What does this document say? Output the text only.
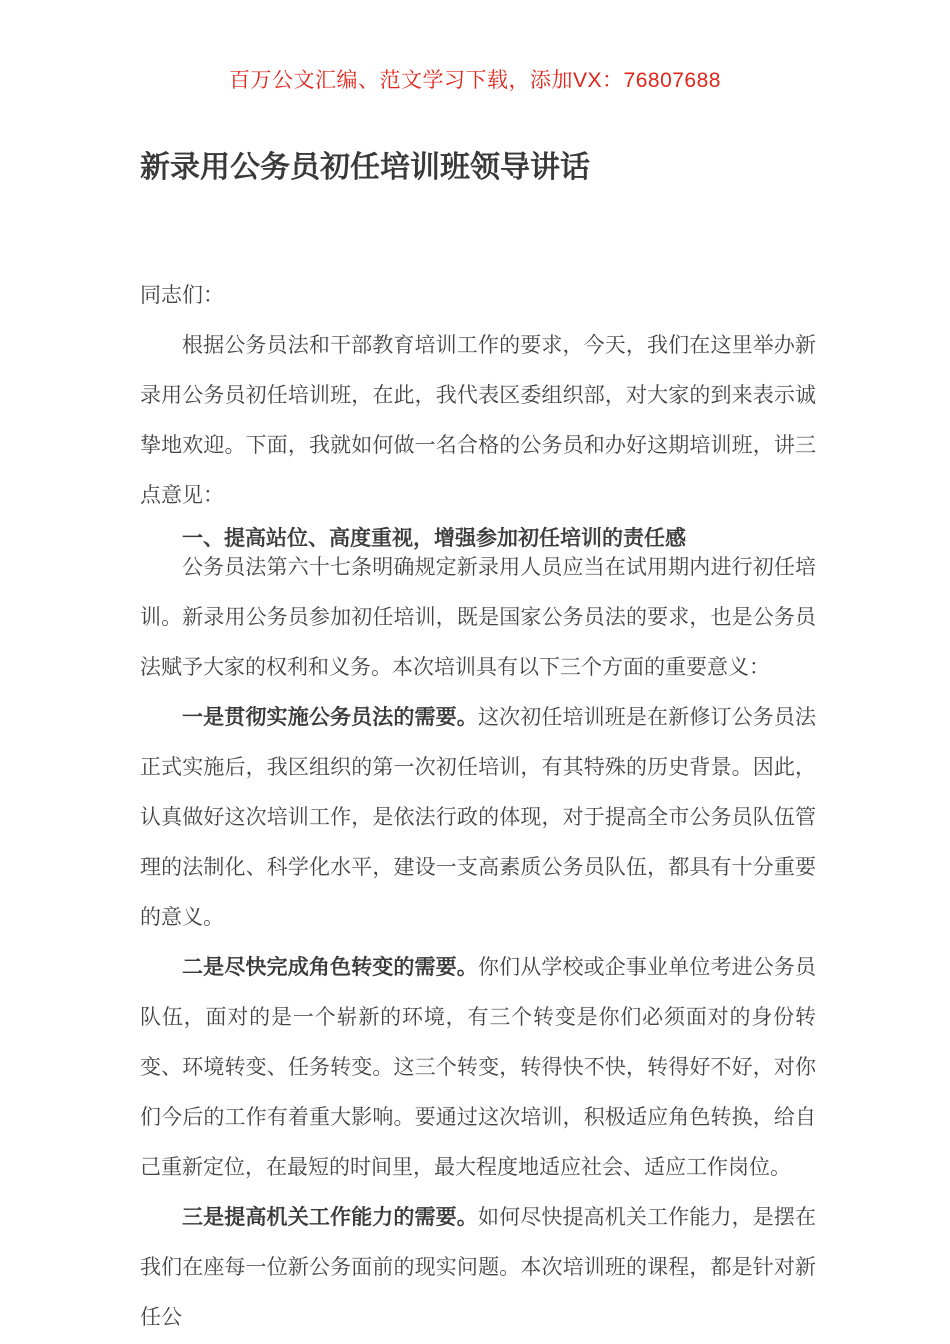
百万公文汇编、范文学习下载，添加VX：76807688
新录用公务员初任培训班领导讲话

同志们：

根据公务员法和干部教育培训工作的要求，今天，我们在这里举办新录用公务员初任培训班，在此，我代表区委组织部，对大家的到来表示诚挚地欢迎。下面，我就如何做一名合格的公务员和办好这期培训班，讲三点意见：

一、提高站位、高度重视，增强参加初任培训的责任感

公务员法第六十七条明确规定新录用人员应当在试用期内进行初任培训。新录用公务员参加初任培训，既是国家公务员法的要求，也是公务员法赋予大家的权利和义务。本次培训具有以下三个方面的重要意义：

一是贯彻实施公务员法的需要。这次初任培训班是在新修订公务员法正式实施后，我区组织的第一次初任培训，有其特殊的历史背景。因此，认真做好这次培训工作，是依法行政的体现，对于提高全市公务员队伍管理的法制化、科学化水平，建设一支高素质公务员队伍，都具有十分重要的意义。

二是尽快完成角色转变的需要。你们从学校或企事业单位考进公务员队伍，面对的是一个崭新的环境，有三个转变是你们必须面对的身份转变、环境转变、任务转变。这三个转变，转得快不快，转得好不好，对你们今后的工作有着重大影响。要通过这次培训，积极适应角色转换，给自己重新定位，在最短的时间里，最大程度地适应社会、适应工作岗位。

三是提高机关工作能力的需要。如何尽快提高机关工作能力，是摆在我们在座每一位新公务面前的现实问题。本次培训班的课程，都是针对新任公
